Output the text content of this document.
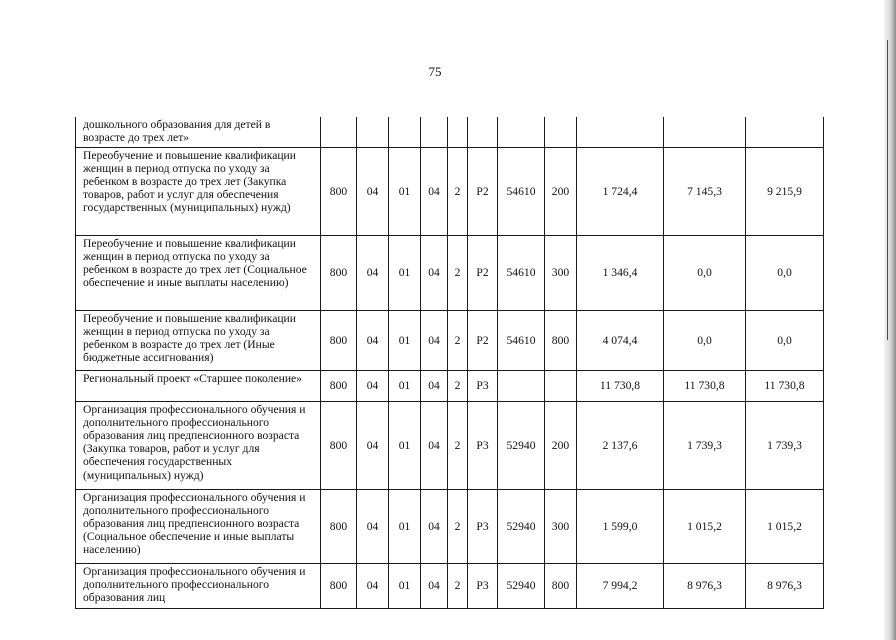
75
дошкольного образования для детей в возрасте до трех лет»											
Переобучение и повышение квалификации женщин в период отпуска по уходу за ребенком в возрасте до трех лет (Закупка товаров, работ и услуг для обеспечения государственных (муниципальных) нужд)	800	04	01	04	2	P2	54610	200	1 724,4	7 145,3	9 215,9
Переобучение и повышение квалификации женщин в период отпуска по уходу за ребенком в возрасте до трех лет (Социальное обеспечение и иные выплаты населению)	800	04	01	04	2	P2	54610	300	1 346,4	0,0	0,0
Переобучение и повышение квалификации женщин в период отпуска по уходу за ребенком в возрасте до трех лет (Иные бюджетные ассигнования)	800	04	01	04	2	P2	54610	800	4 074,4	0,0	0,0
Региональный проект «Старшее поколение»	800	04	01	04	2	P3			11 730,8	11 730,8	11 730,8
Организация профессионального обучения и дополнительного профессионального образования лиц предпенсионного возраста (Закупка товаров, работ и услуг для обеспечения государственных (муниципальных) нужд)	800	04	01	04	2	P3	52940	200	2 137,6	1 739,3	1 739,3
Организация профессионального обучения и дополнительного профессионального образования лиц предпенсионного возраста (Социальное обеспечение и иные выплаты населению)	800	04	01	04	2	P3	52940	300	1 599,0	1 015,2	1 015,2
Организация профессионального обучения и дополнительного профессионального образования лиц	800	04	01	04	2	P3	52940	800	7 994,2	8 976,3	8 976,3
